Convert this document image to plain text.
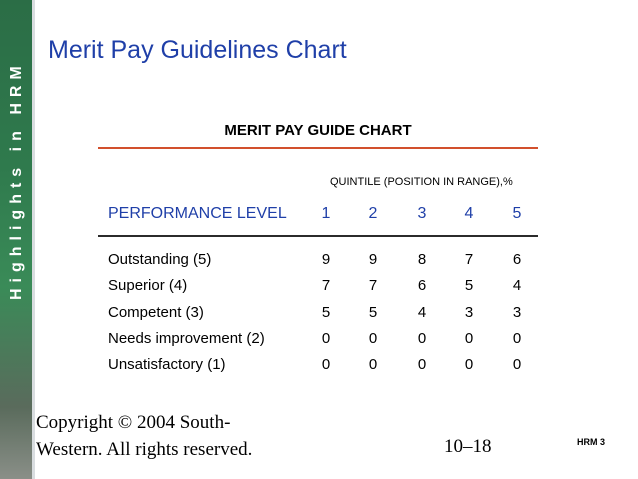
Highlights in HRM
Merit Pay Guidelines Chart
MERIT PAY GUIDE CHART
QUINTILE (POSITION IN RANGE),%
PERFORMANCE LEVEL	1	2	3	4	5
Outstanding (5)	9	9	8	7	6
Superior (4)	7	7	6	5	4
Competent (3)	5	5	4	3	3
Needs improvement (2)	0	0	0	0	0
Unsatisfactory (1)	0	0	0	0	0
Copyright © 2004 South-
Western. All rights reserved.	10–18	HRM 3
